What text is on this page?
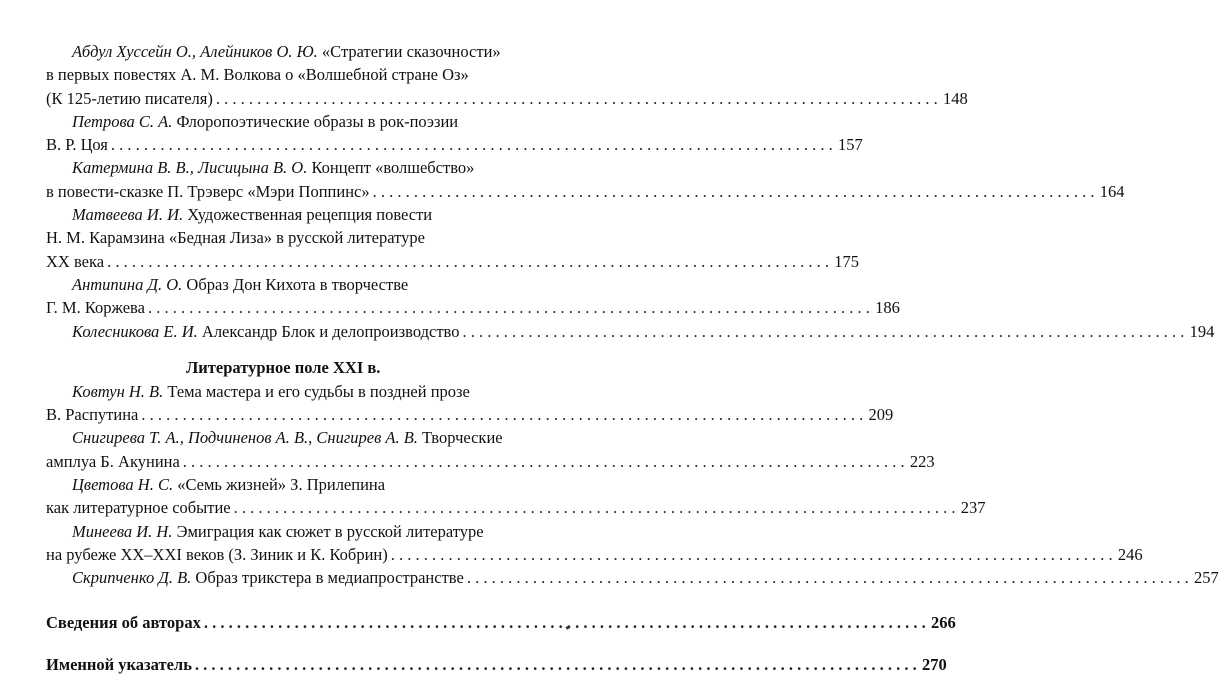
Абдул Хуссейн О., Алейников О. Ю. «Стратегии сказочности»
в первых повестях А. М. Волкова о «Волшебной стране Оз»
(К 125-летию писателя) . . .	148
Петрова С. А. Флоропоэтические образы в рок-поэзии
В. Р. Цоя . . .	157
Катермина В. В., Лисицына В. О. Концепт «волшебство»
в повести-сказке П. Трэверс «Мэри Поппинс» . . .	164
Матвеева И. И. Художественная рецепция повести
Н. М. Карамзина «Бедная Лиза» в русской литературе
XX века . . .	175
Антипина Д. О. Образ Дон Кихота в творчестве
Г. М. Коржева . . .	186
Колесникова Е. И. Александр Блок и делопроизводство . . .	194
Литературное поле XXI в.
Ковтун Н. В. Тема мастера и его судьбы в поздней прозе
В. Распутина . . .	209
Снигирева Т. А., Подчиненов А. В., Снигирев А. В. Творческие
амплуа Б. Акунина . . .	223
Цветова Н. С. «Семь жизней» З. Прилепина
как литературное событие . . .	237
Минеева И. Н. Эмиграция как сюжет в русской литературе
на рубеже XX–XXI веков (З. Зиник и К. Кобрин) . . .	246
Скрипченко Д. В. Образ трикстера в медиапространстве . . .	257
Сведения об авторах . . .	266
Именной указатель . . .	270
